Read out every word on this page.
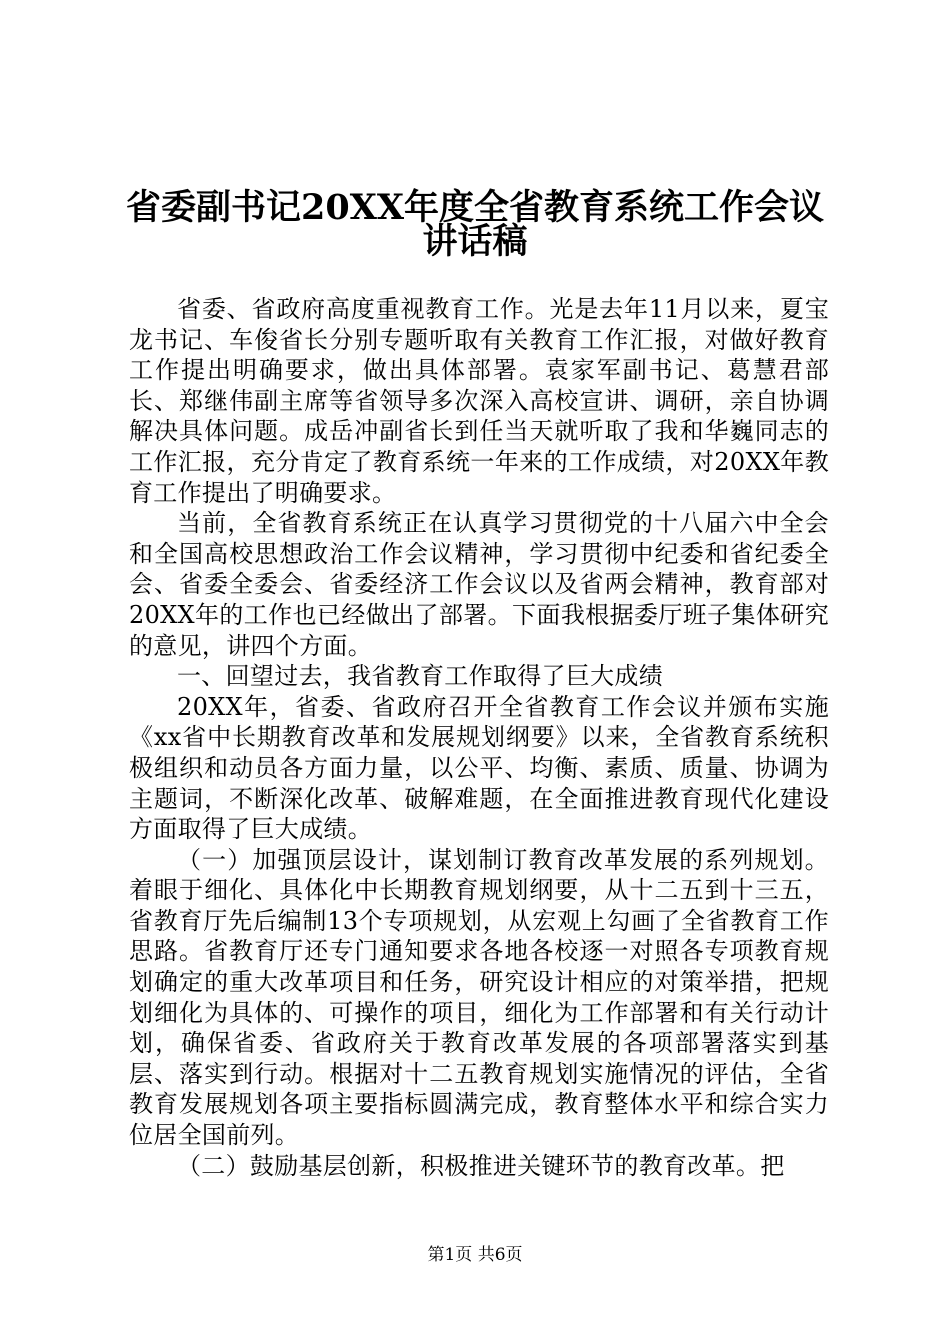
省委副书记20XX年度全省教育系统工作会议
讲话稿

省委、省政府高度重视教育工作。光是去年11月以来，夏宝龙书记、车俊省长分别专题听取有关教育工作汇报，对做好教育工作提出明确要求，做出具体部署。袁家军副书记、葛慧君部长、郑继伟副主席等省领导多次深入高校宣讲、调研，亲自协调解决具体问题。成岳冲副省长到任当天就听取了我和华巍同志的工作汇报，充分肯定了教育系统一年来的工作成绩，对20XX年教育工作提出了明确要求。

当前，全省教育系统正在认真学习贯彻党的十八届六中全会和全国高校思想政治工作会议精神，学习贯彻中纪委和省纪委全会、省委全委会、省委经济工作会议以及省两会精神，教育部对20XX年的工作也已经做出了部署。下面我根据委厅班子集体研究的意见，讲四个方面。

一、回望过去，我省教育工作取得了巨大成绩

20XX年，省委、省政府召开全省教育工作会议并颁布实施《xx省中长期教育改革和发展规划纲要》以来，全省教育系统积极组织和动员各方面力量，以公平、均衡、素质、质量、协调为主题词，不断深化改革、破解难题，在全面推进教育现代化建设方面取得了巨大成绩。

（一）加强顶层设计，谋划制订教育改革发展的系列规划。着眼于细化、具体化中长期教育规划纲要，从十二五到十三五，省教育厅先后编制13个专项规划，从宏观上勾画了全省教育工作思路。省教育厅还专门通知要求各地各校逐一对照各专项教育规划确定的重大改革项目和任务，研究设计相应的对策举措，把规划细化为具体的、可操作的项目，细化为工作部署和有关行动计划，确保省委、省政府关于教育改革发展的各项部署落实到基层、落实到行动。根据对十二五教育规划实施情况的评估，全省教育发展规划各项主要指标圆满完成，教育整体水平和综合实力位居全国前列。

（二）鼓励基层创新，积极推进关键环节的教育改革。把

第1页 共6页
